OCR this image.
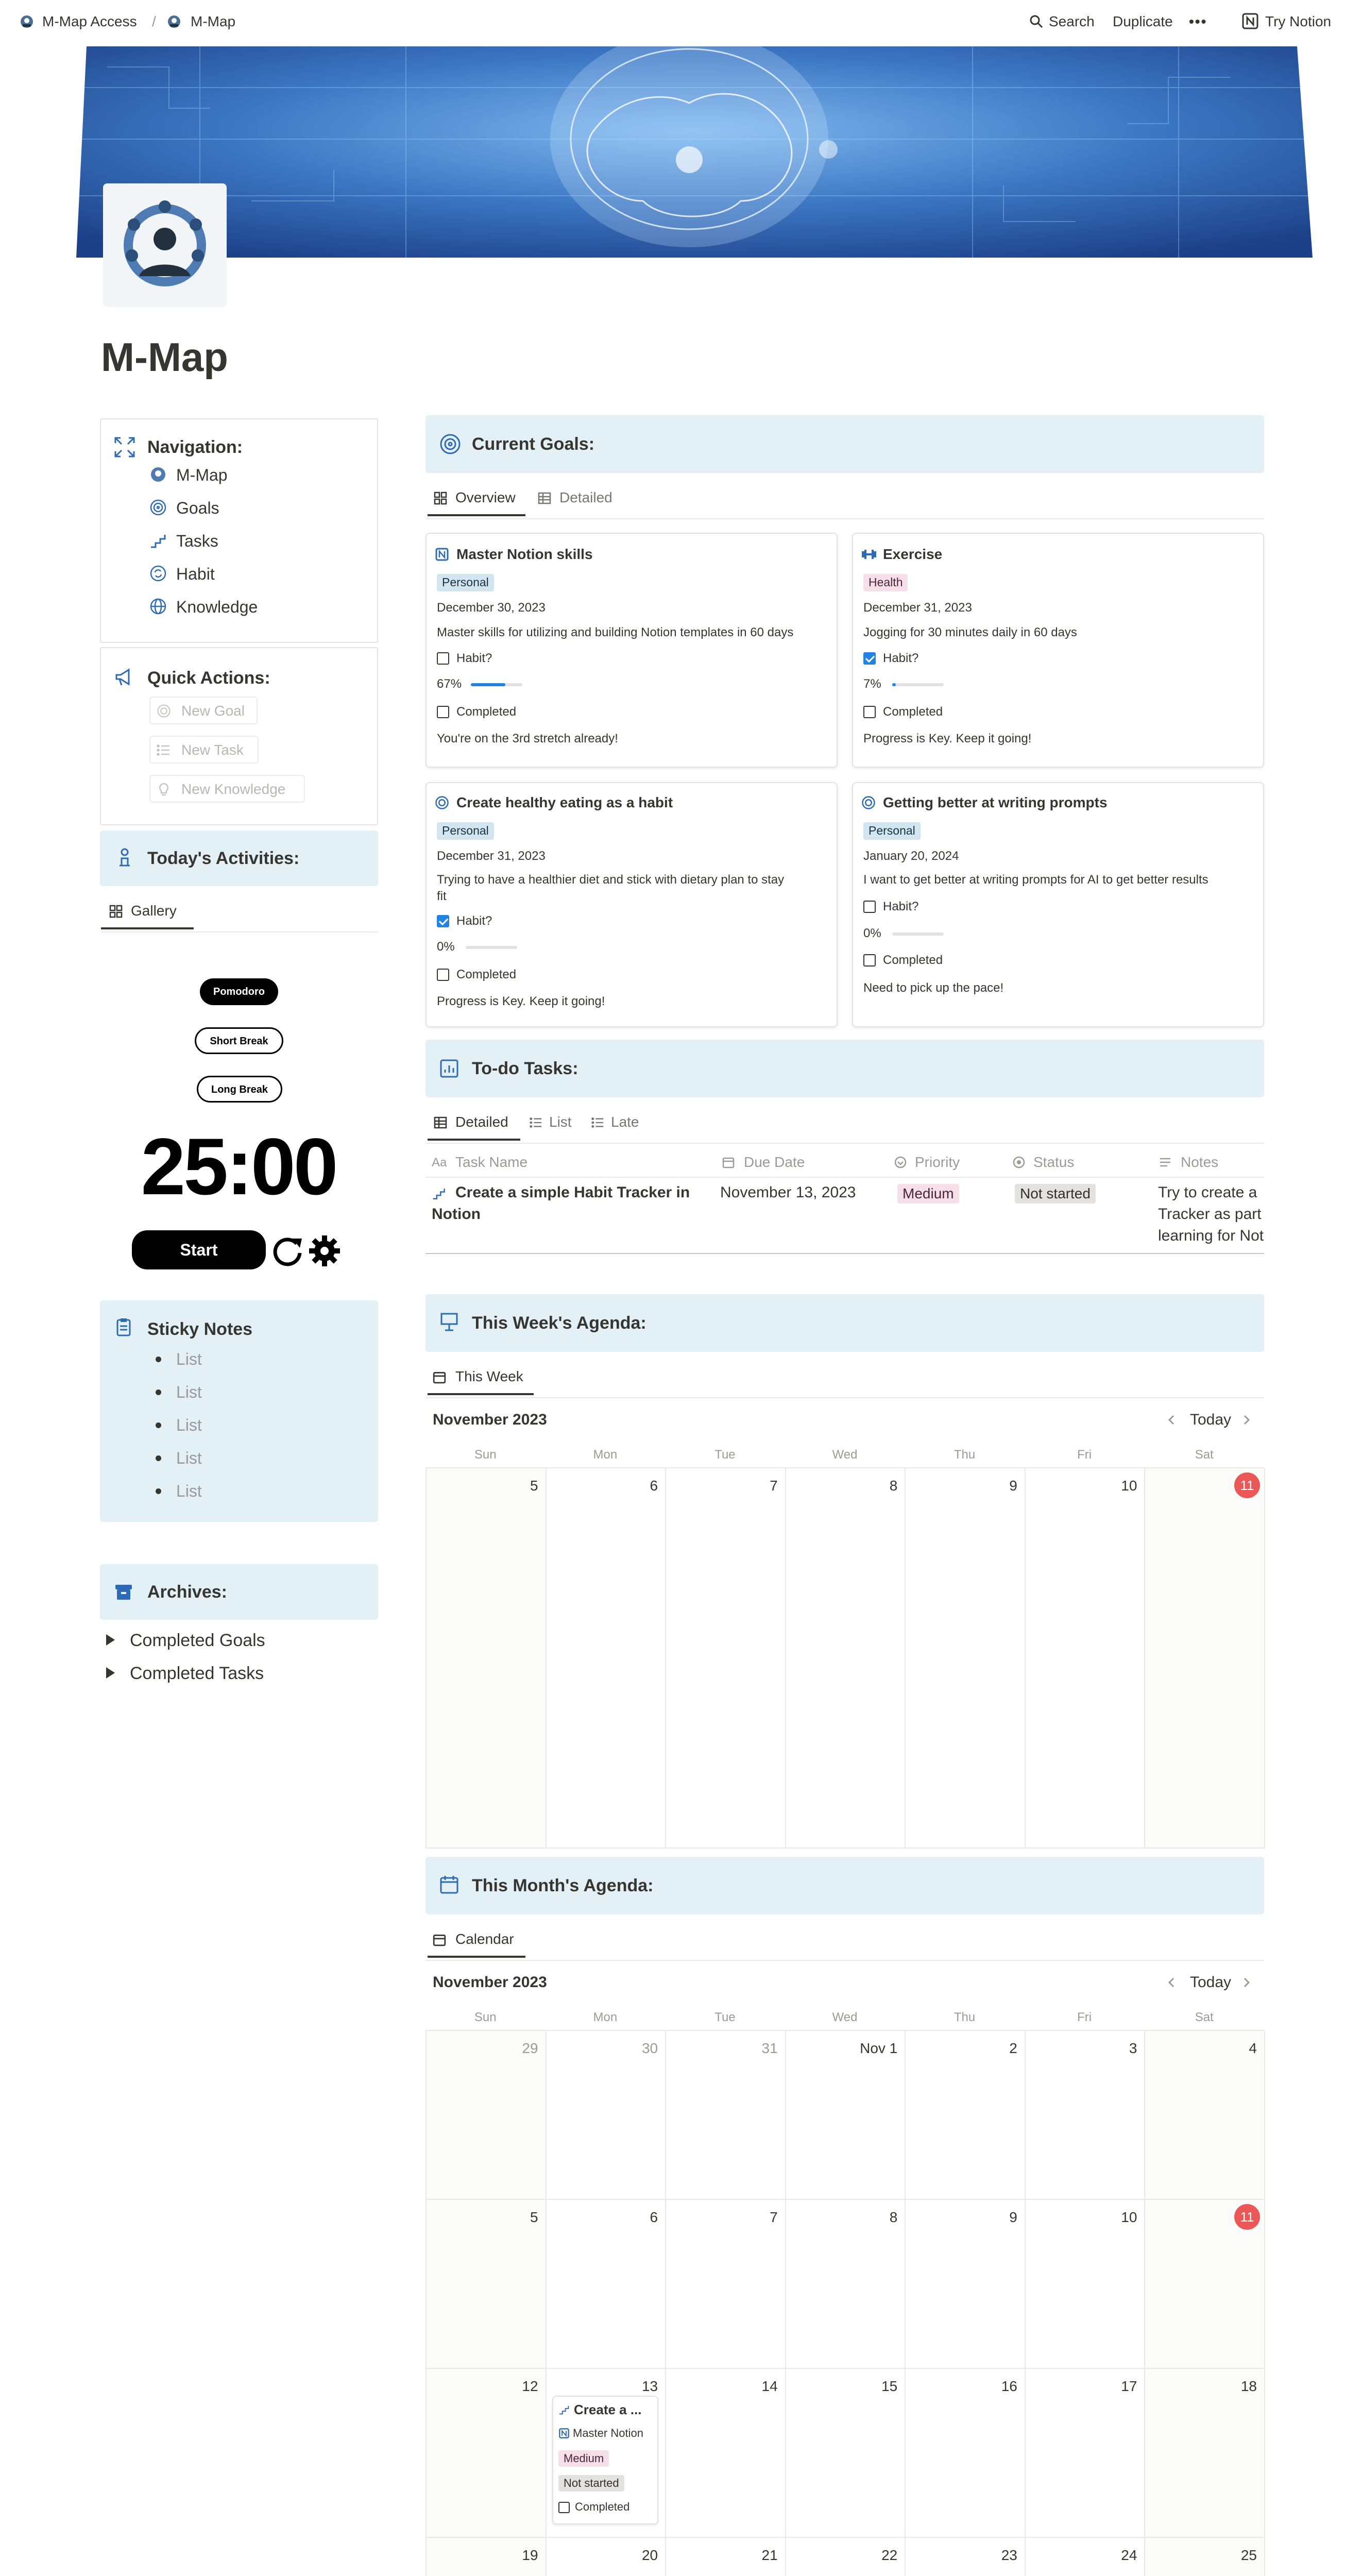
M-Map Access / M-Map	Search Duplicate •••	Try Notion
M-Map
Navigation:
M-Map
Goals
Tasks
Habit
Knowledge
Quick Actions:
New Goal
New Task
New Knowledge
Today's Activities:
Gallery
Pomodoro
Short Break
Long Break
25:00
Start
Sticky Notes
List
List
List
List
List
Archives:
Completed Goals
Completed Tasks
Current Goals:
Overview	Detailed
Master Notion skills
Personal
December 30, 2023
Master skills for utilizing and building Notion templates in 60 days
Habit?
67%
Completed
You're on the 3rd stretch already!
Exercise
Health
December 31, 2023
Jogging for 30 minutes daily in 60 days
Habit?
7%
Completed
Progress is Key. Keep it going!
Create healthy eating as a habit
Personal
December 31, 2023
Trying to have a healthier diet and stick with dietary plan to stay
fit
Habit?
0%
Completed
Progress is Key. Keep it going!
Getting better at writing prompts
Personal
January 20, 2024
I want to get better at writing prompts for AI to get better results
Habit?
0%
Completed
Need to pick up the pace!
To-do Tasks:
Detailed	List	Late
Aa Task Name	Due Date	Priority	Status	Notes
Create a simple Habit Tracker in
Notion
November 13, 2023	Medium	Not started	Try to create a
Tracker as part
learning for Not
This Week's Agenda:
This Week
November 2023	Today
Sun	Mon	Tue	Wed	Thu	Fri	Sat
5	6	7	8	9	10	11
This Month's Agenda:
Calendar
November 2023	Today
Sun	Mon	Tue	Wed	Thu	Fri	Sat
29	30	31	Nov 1	2	3	4
5	6	7	8	9	10	11
12	13	14	15	16	17	18
19	20	21	22	23	24	25
Create a ...
Master Notion
Medium
Not started
Completed
